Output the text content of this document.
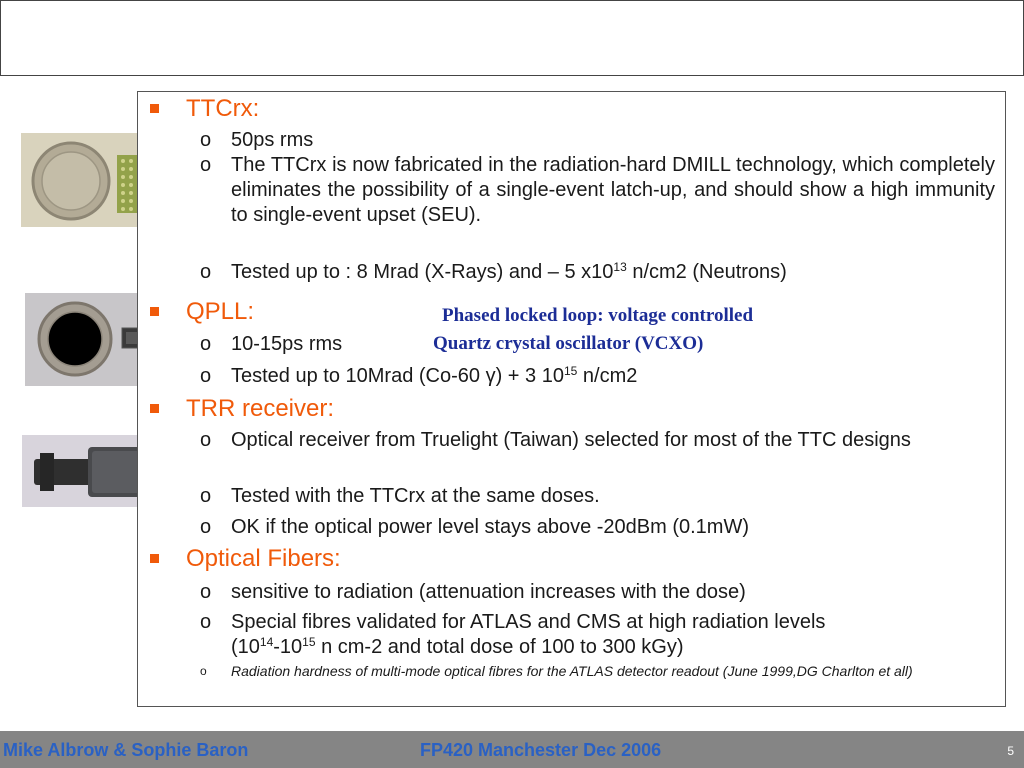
TTCrx:
o 50ps rms
o The TTCrx is now fabricated in the radiation-hard DMILL technology, which completely eliminates the possibility of a single-event latch-up, and should show a high immunity to single-event upset (SEU).
o Tested up to : 8 Mrad (X-Rays) and – 5 $x10^{13}$ n/cm2 (Neutrons)
QPLL:
o 10-15ps rms
o Tested up to 10Mrad (Co-60 γ) + 3 $10^{15}$ n/cm2
Phased locked loop: voltage controlled
Quartz crystal oscillator (VCXO)
TRR receiver:
o Optical receiver from Truelight (Taiwan) selected for most of the TTC designs
o Tested with the TTCrx at the same doses.
o OK if the optical power level stays above -20dBm (0.1mW)
Optical Fibers:
o sensitive to radiation (attenuation increases with the dose)
o Special fibres validated for ATLAS and CMS at high radiation levels
($10^{14}-10^{15}$ n cm-2 and total dose of 100 to 300 kGy)
o	Radiation hardness of multi-mode optical fibres for the ATLAS detector readout (June 1999,DG Charlton et all)
Mike Albrow & Sophie Baron	FP420 Manchester Dec 2006	5
